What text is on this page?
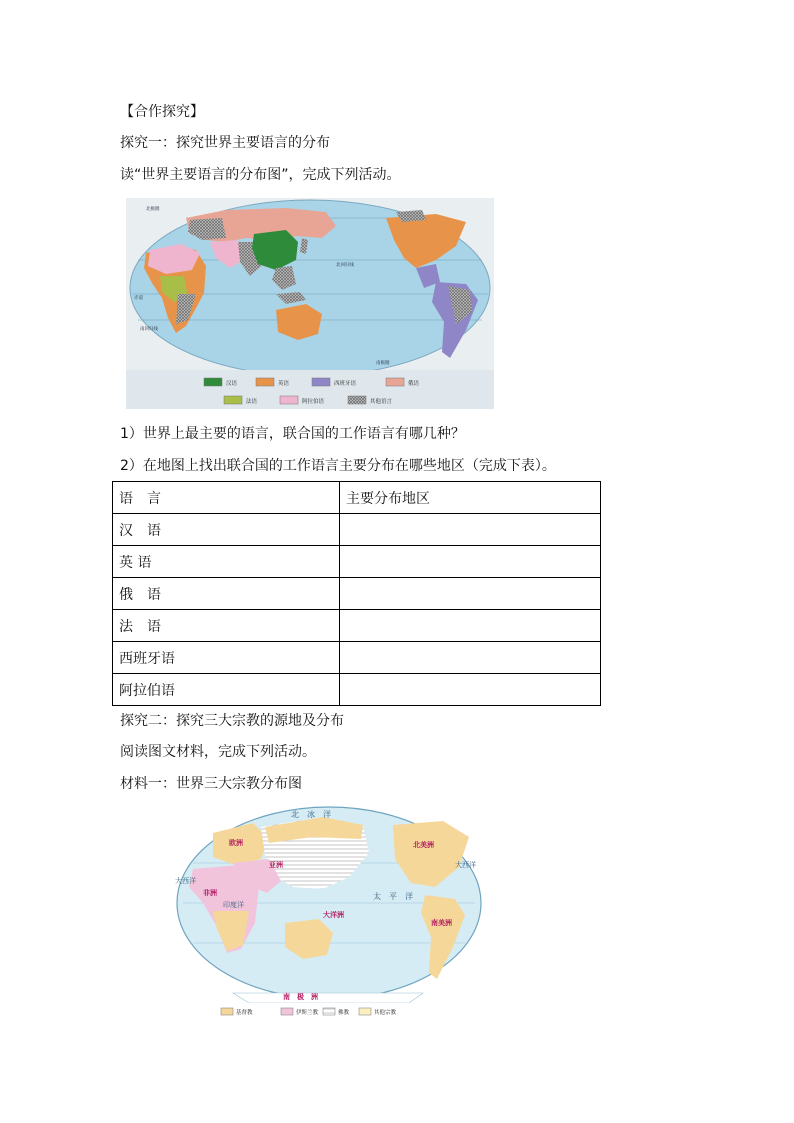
【合作探究】
探究一：探究世界主要语言的分布
读“世界主要语言的分布图”，完成下列活动。
北极圈
北回归线
赤道
南回归线
南极圈
汉语	英语	西班牙语	俄语
法语	阿拉伯语	其他语言
1）世界上最主要的语言，联合国的工作语言有哪几种？
2）在地图上找出联合国的工作语言主要分布在哪些地区（完成下表）。
语　言	主要分布地区
汉　语	
英 语	
俄　语	
法　语	
西班牙语	
阿拉伯语	
探究二：探究三大宗教的源地及分布
阅读图文材料，完成下列活动。
材料一：世界三大宗教分布图
北　冰　洋
欧洲
亚洲
非洲
北美洲
南美洲
大洋洲
南　极　洲
大西洋
太　平　洋
印度洋
大西洋
基督教	伊斯兰教	佛教	其他宗教
